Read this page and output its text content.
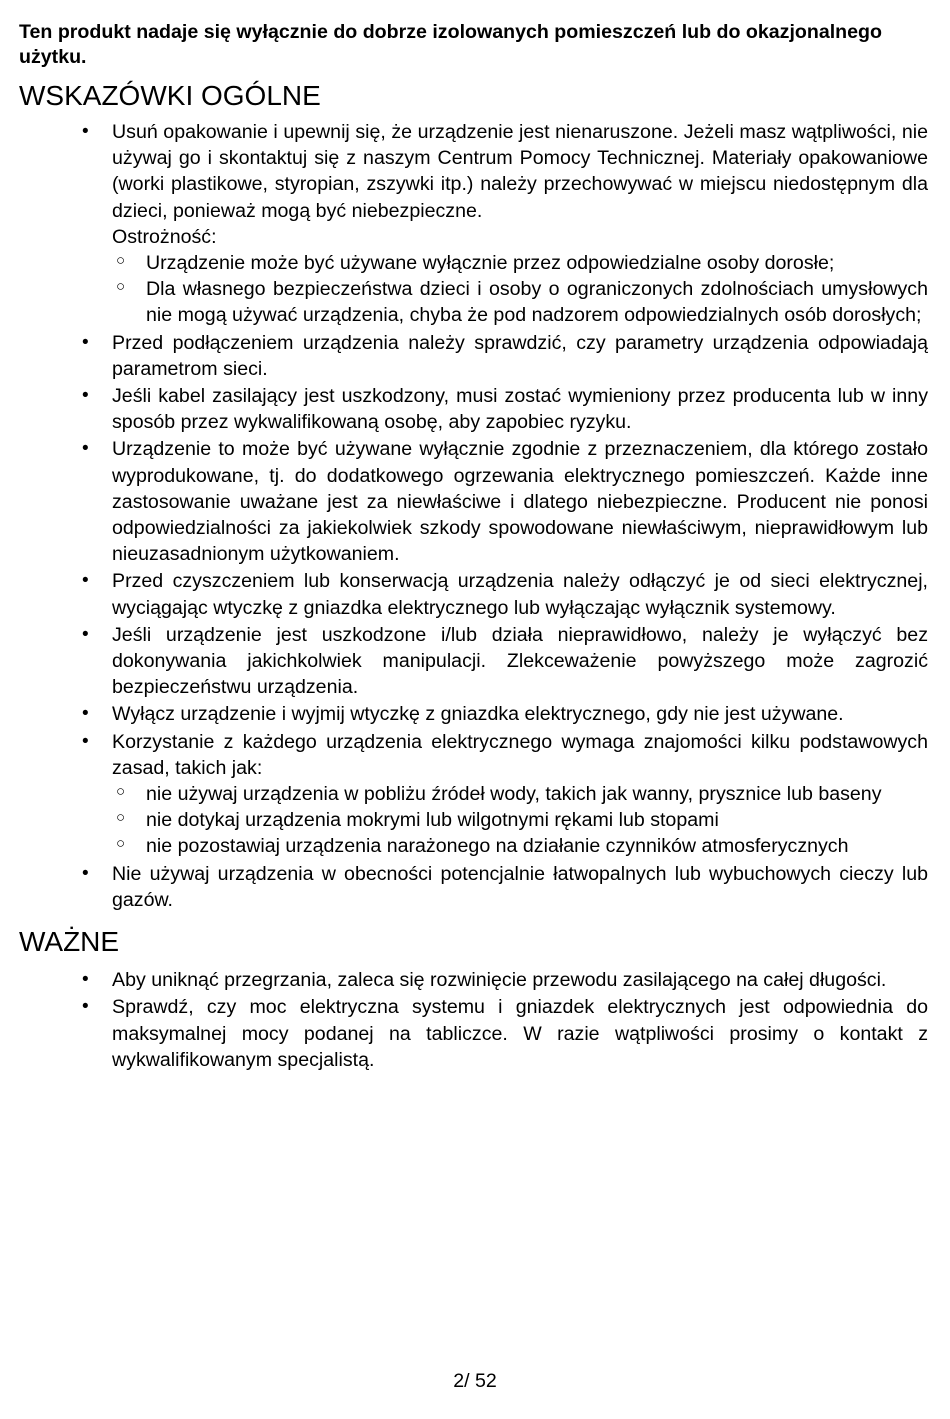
Ten produkt nadaje się wyłącznie do dobrze izolowanych pomieszczeń lub do okazjonalnego użytku.

WSKAZÓWKI OGÓLNE
• Usuń opakowanie i upewnij się, że urządzenie jest nienaruszone. Jeżeli masz wątpliwości, nie używaj go i skontaktuj się z naszym Centrum Pomocy Technicznej. Materiały opakowaniowe (worki plastikowe, styropian, zszywki itp.) należy przechowywać w miejscu niedostępnym dla dzieci, ponieważ mogą być niebezpieczne.
Ostrożność:
○ Urządzenie może być używane wyłącznie przez odpowiedzialne osoby dorosłe;
○ Dla własnego bezpieczeństwa dzieci i osoby o ograniczonych zdolnościach umysłowych nie mogą używać urządzenia, chyba że pod nadzorem odpowiedzialnych osób dorosłych;
• Przed podłączeniem urządzenia należy sprawdzić, czy parametry urządzenia odpowiadają parametrom sieci.
• Jeśli kabel zasilający jest uszkodzony, musi zostać wymieniony przez producenta lub w inny sposób przez wykwalifikowaną osobę, aby zapobiec ryzyku.
• Urządzenie to może być używane wyłącznie zgodnie z przeznaczeniem, dla którego zostało wyprodukowane, tj. do dodatkowego ogrzewania elektrycznego pomieszczeń. Każde inne zastosowanie uważane jest za niewłaściwe i dlatego niebezpieczne. Producent nie ponosi odpowiedzialności za jakiekolwiek szkody spowodowane niewłaściwym, nieprawidłowym lub nieuzasadnionym użytkowaniem.
• Przed czyszczeniem lub konserwacją urządzenia należy odłączyć je od sieci elektrycznej, wyciągając wtyczkę z gniazdka elektrycznego lub wyłączając wyłącznik systemowy.
• Jeśli urządzenie jest uszkodzone i/lub działa nieprawidłowo, należy je wyłączyć bez dokonywania jakichkolwiek manipulacji. Zlekceważenie powyższego może zagrozić bezpieczeństwu urządzenia.
• Wyłącz urządzenie i wyjmij wtyczkę z gniazdka elektrycznego, gdy nie jest używane.
• Korzystanie z każdego urządzenia elektrycznego wymaga znajomości kilku podstawowych zasad, takich jak:
○ nie używaj urządzenia w pobliżu źródeł wody, takich jak wanny, prysznice lub baseny
○ nie dotykaj urządzenia mokrymi lub wilgotnymi rękami lub stopami
○ nie pozostawiaj urządzenia narażonego na działanie czynników atmosferycznych
• Nie używaj urządzenia w obecności potencjalnie łatwopalnych lub wybuchowych cieczy lub gazów.
WAŻNE
• Aby uniknąć przegrzania, zaleca się rozwinięcie przewodu zasilającego na całej długości.
• Sprawdź, czy moc elektryczna systemu i gniazdek elektrycznych jest odpowiednia do maksymalnej mocy podanej na tabliczce. W razie wątpliwości prosimy o kontakt z wykwalifikowanym specjalistą.
2/ 52
